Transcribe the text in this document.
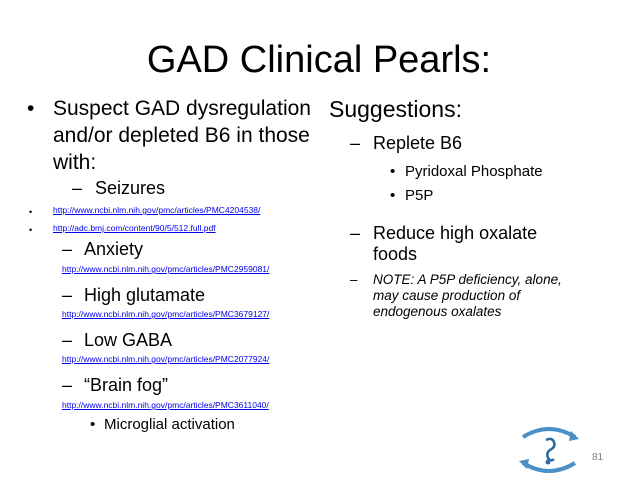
GAD Clinical Pearls:
• Suspect GAD dysregulation
and/or depleted B6 in those
with:
– Seizures
• http://www.ncbi.nlm.nih.gov/pmc/articles/PMC4204538/
• http://adc.bmj.com/content/90/5/512.full.pdf
– Anxiety
http://www.ncbi.nlm.nih.gov/pmc/articles/PMC2959081/
– High glutamate
http://www.ncbi.nlm.nih.gov/pmc/articles/PMC3679127/
– Low GABA
http://www.ncbi.nlm.nih.gov/pmc/articles/PMC2077924/
– “Brain fog”
http://www.ncbi.nlm.nih.gov/pmc/articles/PMC3611040/
• Microglial activation
Suggestions:
– Replete B6
• Pyridoxal Phosphate
• P5P
– Reduce high oxalate
foods
– NOTE: A P5P deficiency, alone,
may cause production of
endogenous oxalates
81
